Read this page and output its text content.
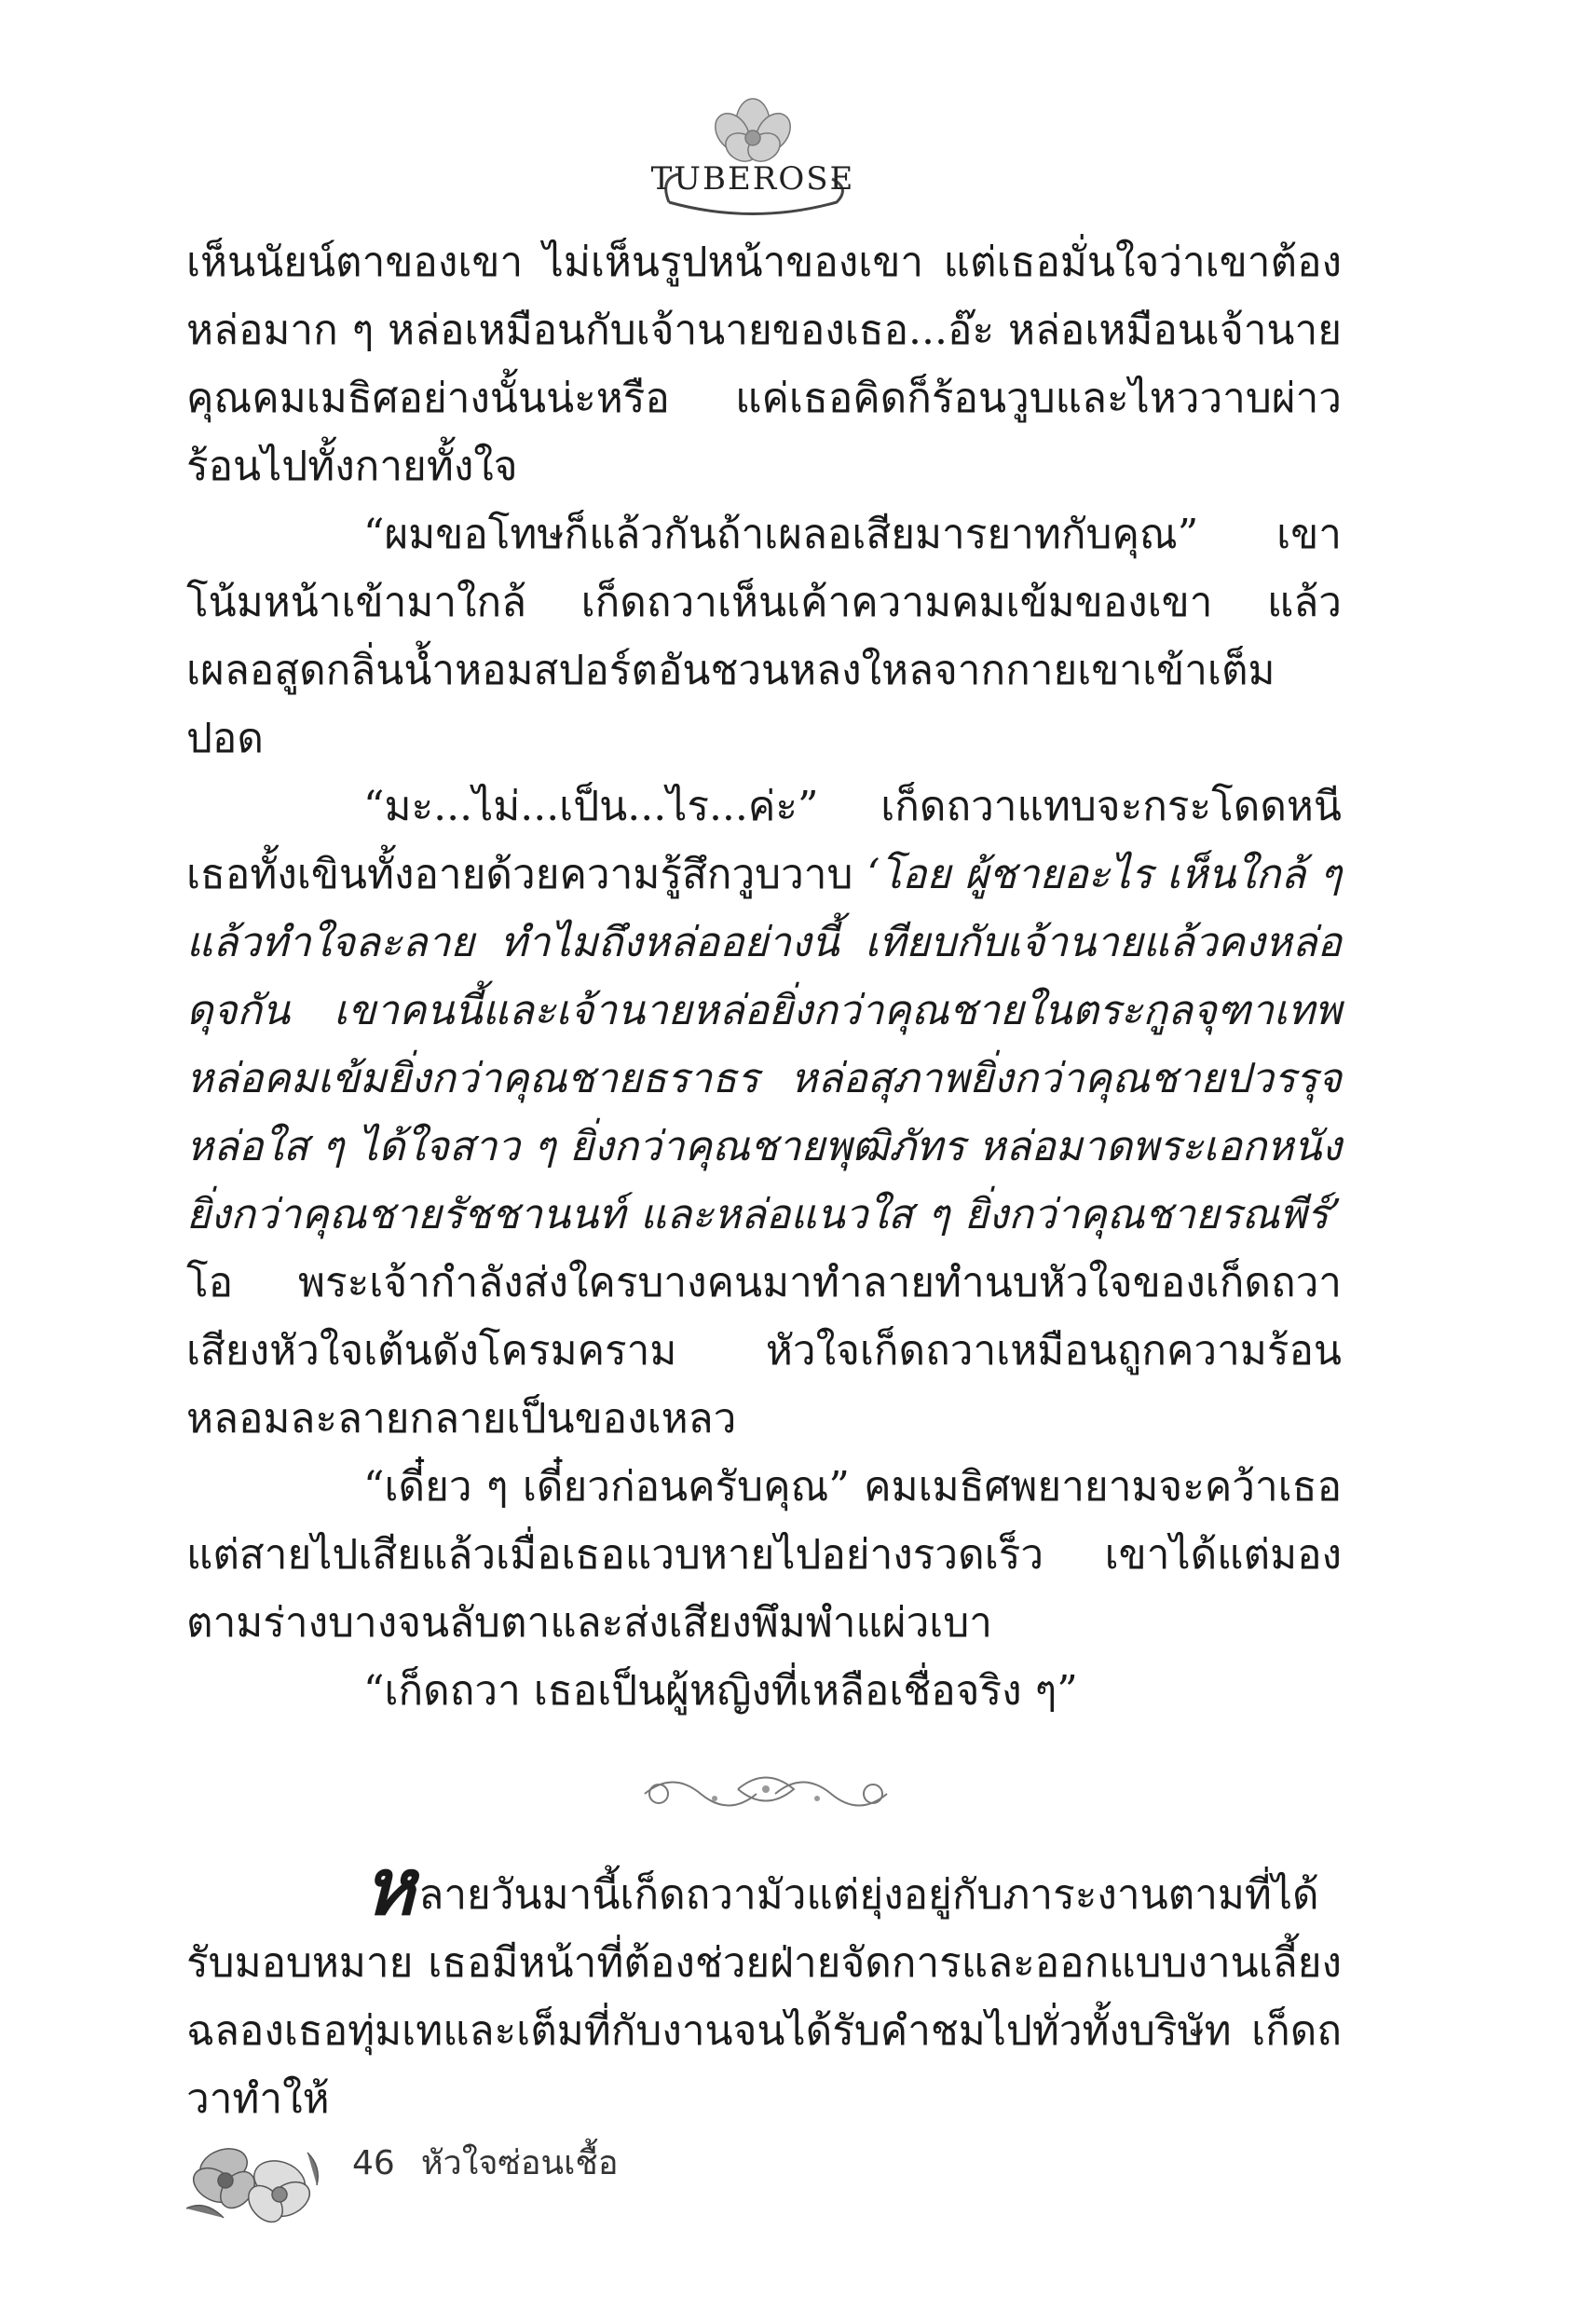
TUBEROSE

เห็นนัยน์ตาของเขา ไม่เห็นรูปหน้าของเขา แต่เธอมั่นใจว่าเขาต้องหล่อมาก ๆ หล่อเหมือนกับเจ้านายของเธอ...อ๊ะ หล่อเหมือนเจ้านายคุณคมเมธิศอย่างนั้นน่ะหรือ แค่เธอคิดก็ร้อนวูบและไหววาบผ่าวร้อนไปทั้งกายทั้งใจ

“ผมขอโทษก็แล้วกันถ้าเผลอเสียมารยาทกับคุณ” เขาโน้มหน้าเข้ามาใกล้ เก็ดถวาเห็นเค้าความคมเข้มของเขา แล้วเผลอสูดกลิ่นน้ำหอมสปอร์ตอันชวนหลงใหลจากกายเขาเข้าเต็มปอด

“มะ...ไม่...เป็น...ไร...ค่ะ” เก็ดถวาแทบจะกระโดดหนี เธอทั้งเขินทั้งอายด้วยความรู้สึกวูบวาบ ‘โอย ผู้ชายอะไร เห็นใกล้ ๆ แล้วทำใจละลาย ทำไมถึงหล่ออย่างนี้ เทียบกับเจ้านายแล้วคงหล่อดุจกัน เขาคนนี้และเจ้านายหล่อยิ่งกว่าคุณชายในตระกูลจุฑาเทพ หล่อคมเข้มยิ่งกว่าคุณชายธราธร หล่อสุภาพยิ่งกว่าคุณชายปวรรุจ หล่อใส ๆ ได้ใจสาว ๆ ยิ่งกว่าคุณชายพุฒิภัทร หล่อมาดพระเอกหนังยิ่งกว่าคุณชายรัชชานนท์ และหล่อแนวใส ๆ ยิ่งกว่าคุณชายรณพีร์’ โอ พระเจ้ากำลังส่งใครบางคนมาทำลายทำนบหัวใจของเก็ดถวา เสียงหัวใจเต้นดังโครมคราม หัวใจเก็ดถวาเหมือนถูกความร้อนหลอมละลายกลายเป็นของเหลว

“เดี๋ยว ๆ เดี๋ยวก่อนครับคุณ” คมเมธิศพยายามจะคว้าเธอแต่สายไปเสียแล้วเมื่อเธอแวบหายไปอย่างรวดเร็ว เขาได้แต่มองตามร่างบางจนลับตาและส่งเสียงพึมพำแผ่วเบา

“เก็ดถวา เธอเป็นผู้หญิงที่เหลือเชื่อจริง ๆ”

หลายวันมานี้เก็ดถวามัวแต่ยุ่งอยู่กับภาระงานตามที่ได้รับมอบหมาย เธอมีหน้าที่ต้องช่วยฝ่ายจัดการและออกแบบงานเลี้ยงฉลองเธอทุ่มเทและเต็มที่กับงานจนได้รับคำชมไปทั่วทั้งบริษัท เก็ดถวาทำให้

46 หัวใจซ่อนเชื้อ
